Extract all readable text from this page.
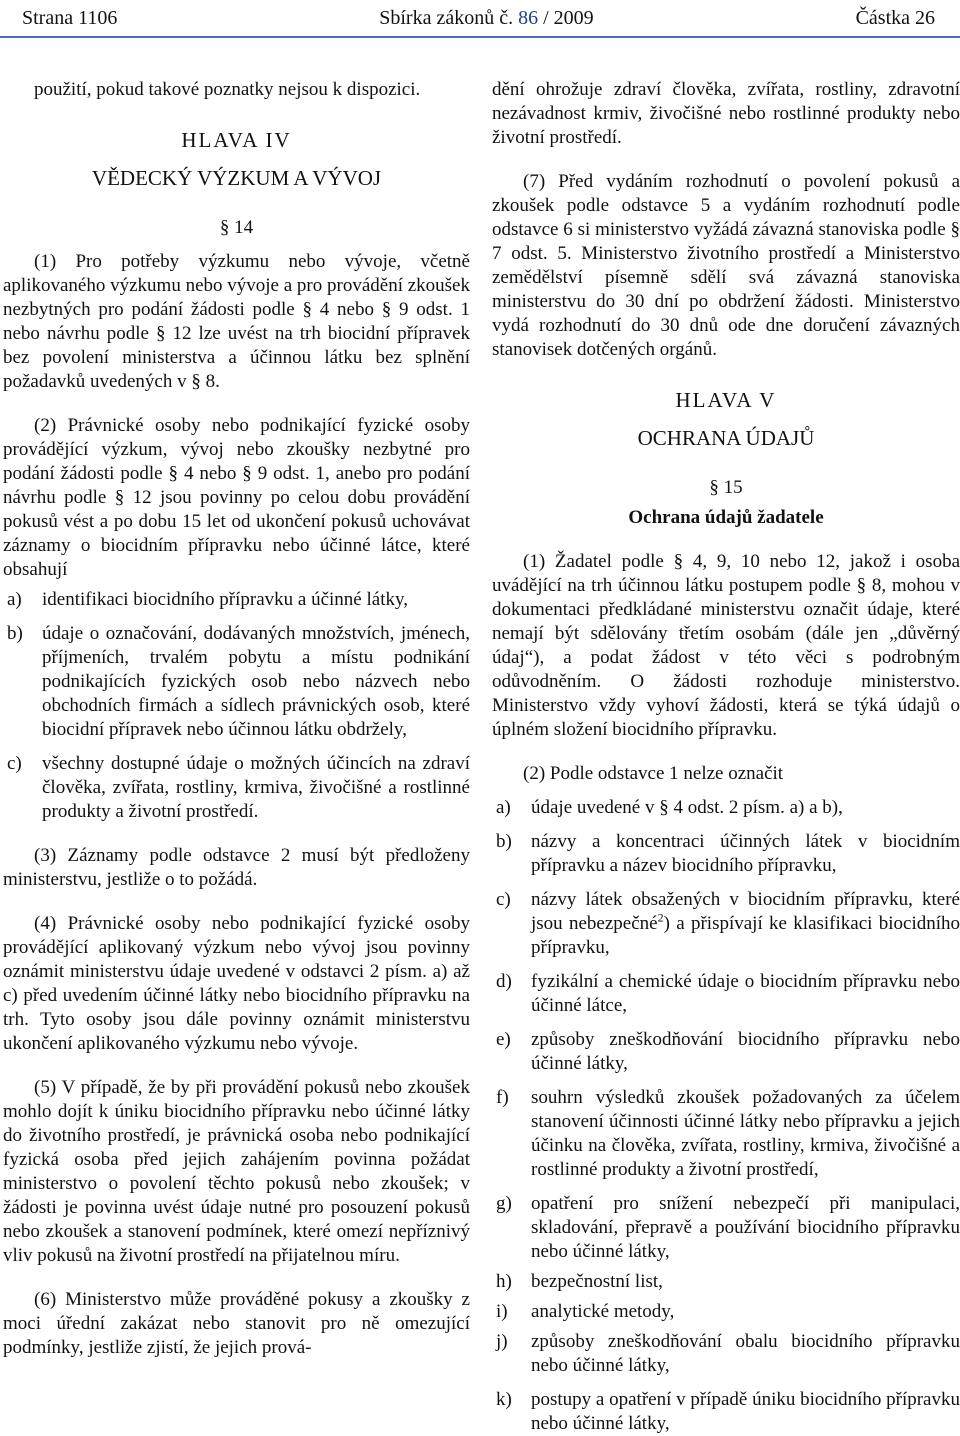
Strana 1106	Sbírka zákonů č. 86 / 2009	Částka 26

použití, pokud takové poznatky nejsou k dispozici.

HLAVA IV

VĚDECKÝ VÝZKUM A VÝVOJ

§ 14

(1) Pro potřeby výzkumu nebo vývoje, včetně aplikovaného výzkumu nebo vývoje a pro provádění zkoušek nezbytných pro podání žádosti podle § 4 nebo § 9 odst. 1 nebo návrhu podle § 12 lze uvést na trh biocidní přípravek bez povolení ministerstva a účinnou látku bez splnění požadavků uvedených v § 8.

(2) Právnické osoby nebo podnikající fyzické osoby provádějící výzkum, vývoj nebo zkoušky nezbytné pro podání žádosti podle § 4 nebo § 9 odst. 1, anebo pro podání návrhu podle § 12 jsou povinny po celou dobu provádění pokusů vést a po dobu 15 let od ukončení pokusů uchovávat záznamy o biocidním přípravku nebo účinné látce, které obsahují

a)	identifikaci biocidního přípravku a účinné látky,
b)	údaje o označování, dodávaných množstvích, jménech, příjmeních, trvalém pobytu a místu podnikání podnikajících fyzických osob nebo názvech nebo obchodních firmách a sídlech právnických osob, které biocidní přípravek nebo účinnou látku obdržely,
c)	všechny dostupné údaje o možných účincích na zdraví člověka, zvířata, rostliny, krmiva, živočišné a rostlinné produkty a životní prostředí.

(3) Záznamy podle odstavce 2 musí být předloženy ministerstvu, jestliže o to požádá.

(4) Právnické osoby nebo podnikající fyzické osoby provádějící aplikovaný výzkum nebo vývoj jsou povinny oznámit ministerstvu údaje uvedené v odstavci 2 písm. a) až c) před uvedením účinné látky nebo biocidního přípravku na trh. Tyto osoby jsou dále povinny oznámit ministerstvu ukončení aplikovaného výzkumu nebo vývoje.

(5) V případě, že by při provádění pokusů nebo zkoušek mohlo dojít k úniku biocidního přípravku nebo účinné látky do životního prostředí, je právnická osoba nebo podnikající fyzická osoba před jejich zahájením povinna požádat ministerstvo o povolení těchto pokusů nebo zkoušek; v žádosti je povinna uvést údaje nutné pro posouzení pokusů nebo zkoušek a stanovení podmínek, které omezí nepříznivý vliv pokusů na životní prostředí na přijatelnou míru.

(6) Ministerstvo může prováděné pokusy a zkoušky z moci úřední zakázat nebo stanovit pro ně omezující podmínky, jestliže zjistí, že jejich prová-

dění ohrožuje zdraví člověka, zvířata, rostliny, zdravotní nezávadnost krmiv, živočišné nebo rostlinné produkty nebo životní prostředí.

(7) Před vydáním rozhodnutí o povolení pokusů a zkoušek podle odstavce 5 a vydáním rozhodnutí podle odstavce 6 si ministerstvo vyžádá závazná stanoviska podle § 7 odst. 5. Ministerstvo životního prostředí a Ministerstvo zemědělství písemně sdělí svá závazná stanoviska ministerstvu do 30 dní po obdržení žádosti. Ministerstvo vydá rozhodnutí do 30 dnů ode dne doručení závazných stanovisek dotčených orgánů.

HLAVA V

OCHRANA ÚDAJŮ

§ 15

Ochrana údajů žadatele

(1) Žadatel podle § 4, 9, 10 nebo 12, jakož i osoba uvádějící na trh účinnou látku postupem podle § 8, mohou v dokumentaci předkládané ministerstvu označit údaje, které nemají být sdělovány třetím osobám (dále jen „důvěrný údaj“), a podat žádost v této věci s podrobným odůvodněním. O žádosti rozhoduje ministerstvo. Ministerstvo vždy vyhoví žádosti, která se týká údajů o úplném složení biocidního přípravku.

(2) Podle odstavce 1 nelze označit

a)	údaje uvedené v § 4 odst. 2 písm. a) a b),
b)	názvy a koncentraci účinných látek v biocidním přípravku a název biocidního přípravku,
c)	názvy látek obsažených v biocidním přípravku, které jsou nebezpečné$^2$) a přispívají ke klasifikaci biocidního přípravku,
d)	fyzikální a chemické údaje o biocidním přípravku nebo účinné látce,
e)	způsoby zneškodňování biocidního přípravku nebo účinné látky,
f)	souhrn výsledků zkoušek požadovaných za účelem stanovení účinnosti účinné látky nebo přípravku a jejich účinku na člověka, zvířata, rostliny, krmiva, živočišné a rostlinné produkty a životní prostředí,
g)	opatření pro snížení nebezpečí při manipulaci, skladování, přepravě a používání biocidního přípravku nebo účinné látky,
h)	bezpečnostní list,
i)	analytické metody,
j)	způsoby zneškodňování obalu biocidního přípravku nebo účinné látky,
k)	postupy a opatření v případě úniku biocidního přípravku nebo účinné látky,
